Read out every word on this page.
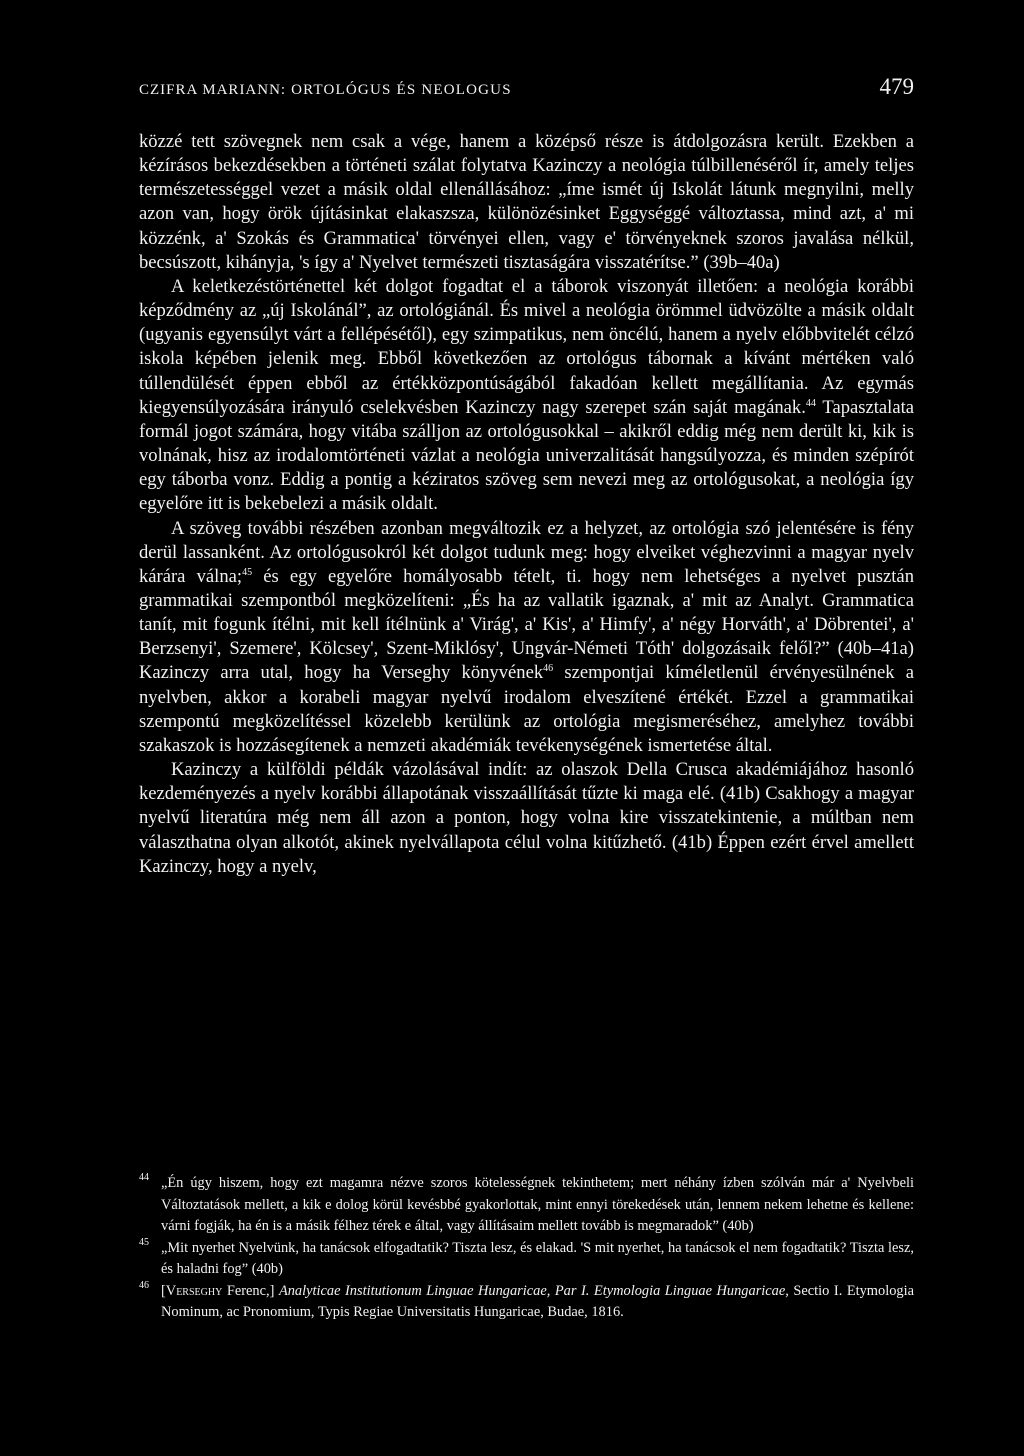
CZIFRA MARIANN: ORTOLÓGUS ÉS NEOLOGUS	479

közzé tett szövegnek nem csak a vége, hanem a középső része is átdolgozásra került. Ezekben a kézírásos bekezdésekben a történeti szálat folytatva Kazinczy a neológia túlbillenéséről ír, amely teljes természetességgel vezet a másik oldal ellenállásához: „íme ismét új Iskolát látunk megnyilni, melly azon van, hogy örök újításinkat elakaszsza, különözésinket Eggységgé változtassa, mind azt, a' mi közzénk, a' Szokás és Grammatica' törvényei ellen, vagy e' törvényeknek szoros javalása nélkül, becsúszott, kihányja, 's így a' Nyelvet természeti tisztaságára visszatérítse.” (39b–40a)

A keletkezéstörténettel két dolgot fogadtat el a táborok viszonyát illetően: a neológia korábbi képződmény az „új Iskolánál”, az ortológiánál. És mivel a neológia örömmel üdvözölte a másik oldalt (ugyanis egyensúlyt várt a fellépésétől), egy szimpatikus, nem öncélú, hanem a nyelv előbbvitelét célzó iskola képében jelenik meg. Ebből következően az ortológus tábornak a kívánt mértéken való túllendülését éppen ebből az értékközpontúságából fakadóan kellett megállítania. Az egymás kiegyensúlyozására irányuló cselekvésben Kazinczy nagy szerepet szán saját magának.$^{44}$ Tapasztalata formál jogot számára, hogy vitába szálljon az ortológusokkal – akikről eddig még nem derült ki, kik is volnának, hisz az irodalomtörténeti vázlat a neológia univerzalitását hangsúlyozza, és minden szépírót egy táborba vonz. Eddig a pontig a kéziratos szöveg sem nevezi meg az ortológusokat, a neológia így egyelőre itt is bekebelezi a másik oldalt.

A szöveg további részében azonban megváltozik ez a helyzet, az ortológia szó jelentésére is fény derül lassanként. Az ortológusokról két dolgot tudunk meg: hogy elveiket véghezvinni a magyar nyelv kárára válna;$^{45}$ és egy egyelőre homályosabb tételt, ti. hogy nem lehetséges a nyelvet pusztán grammatikai szempontból megközelíteni: „És ha az vallatik igaznak, a' mit az Analyt. Grammatica tanít, mit fogunk ítélni, mit kell ítélnünk a' Virág', a' Kis', a' Himfy', a' négy Horváth', a' Döbrentei', a' Berzsenyi', Szemere', Kölcsey', Szent-Miklósy', Ungvár-Németi Tóth' dolgozásaik felől?” (40b–41a) Kazinczy arra utal, hogy ha Verseghy könyvének$^{46}$ szempontjai kíméletlenül érvényesülnének a nyelvben, akkor a korabeli magyar nyelvű irodalom elveszítené értékét. Ezzel a grammatikai szempontú megközelítéssel közelebb kerülünk az ortológia megismeréséhez, amelyhez további szakaszok is hozzásegítenek a nemzeti akadémiák tevékenységének ismertetése által.

Kazinczy a külföldi példák vázolásával indít: az olaszok Della Crusca akadémiájához hasonló kezdeményezés a nyelv korábbi állapotának visszaállítását tűzte ki maga elé. (41b) Csakhogy a magyar nyelvű literatúra még nem áll azon a ponton, hogy volna kire visszatekintenie, a múltban nem választhatna olyan alkotót, akinek nyelvállapota célul volna kitűzhető. (41b) Éppen ezért érvel amellett Kazinczy, hogy a nyelv,

44 „Én úgy hiszem, hogy ezt magamra nézve szoros kötelességnek tekinthetem; mert néhány ízben szólván már a' Nyelvbeli Változtatások mellett, a kik e dolog körül kevésbbé gyakorlottak, mint ennyi törekedések után, lennem nekem lehetne és kellene: várni fogják, ha én is a másik félhez térek e által, vagy állításaim mellett tovább is megmaradok” (40b)

45 „Mit nyerhet Nyelvünk, ha tanácsok elfogadtatik? Tiszta lesz, és elakad. 'S mit nyerhet, ha tanácsok el nem fogadtatik? Tiszta lesz, és haladni fog” (40b)

46 [Verseghy Ferenc,] Analyticae Institutionum Linguae Hungaricae, Par I. Etymologia Linguae Hungaricae, Sectio I. Etymologia Nominum, ac Pronomium, Typis Regiae Universitatis Hungaricae, Budae, 1816.
